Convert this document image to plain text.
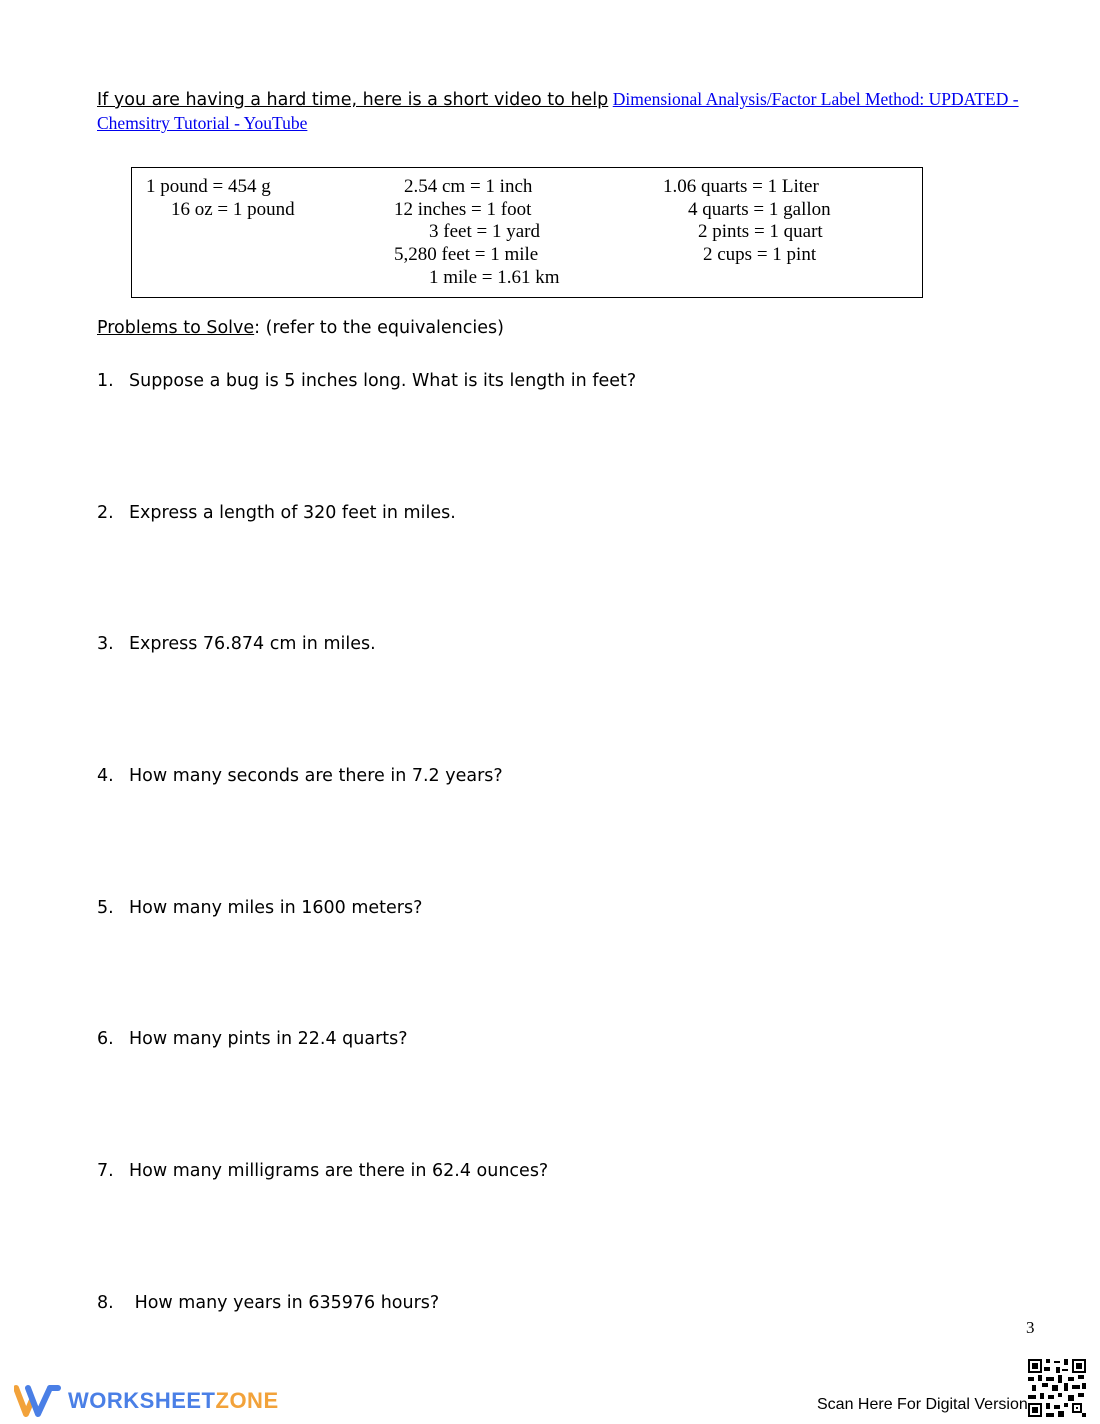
If you are having a hard time, here is a short video to help Dimensional Analysis/Factor Label Method: UPDATED - Chemsitry Tutorial - YouTube
1 pound = 454 g
16 oz = 1 pound
2.54 cm = 1 inch
12 inches = 1 foot
3 feet = 1 yard
5,280 feet = 1 mile
1 mile = 1.61 km
1.06 quarts = 1 Liter
4 quarts = 1 gallon
2 pints = 1 quart
2 cups = 1 pint
Problems to Solve: (refer to the equivalencies)
1. Suppose a bug is 5 inches long. What is its length in feet?
2. Express a length of 320 feet in miles.
3. Express 76.874 cm in miles.
4. How many seconds are there in 7.2 years?
5. How many miles in 1600 meters?
6. How many pints in 22.4 quarts?
7. How many milligrams are there in 62.4 ounces?
8. How many years in 635976 hours?
3
WORKSHEETZONE	Scan Here For Digital Version
